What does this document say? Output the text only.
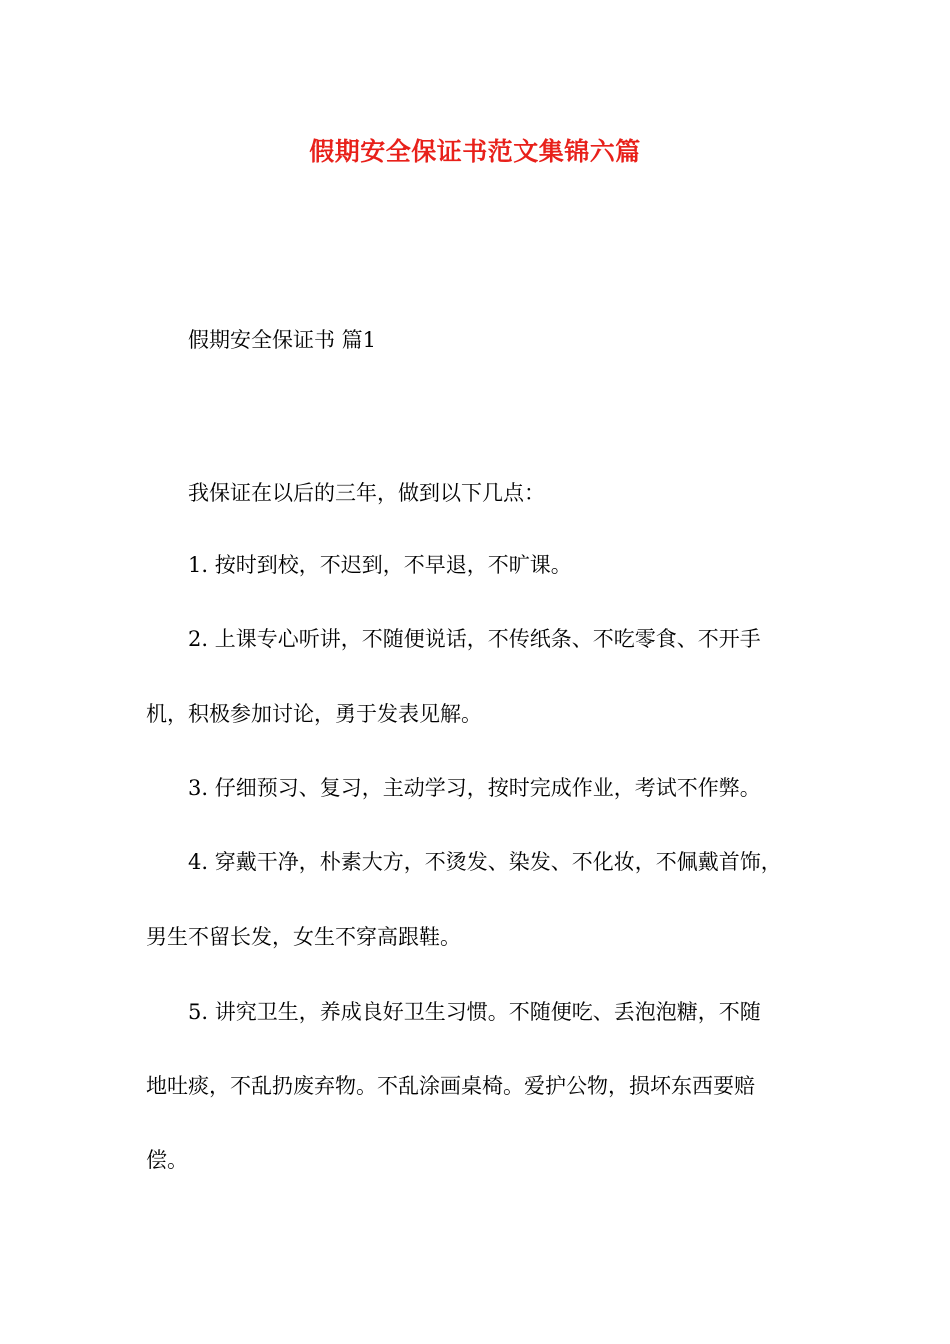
假期安全保证书范文集锦六篇
假期安全保证书 篇1
我保证在以后的三年，做到以下几点：
1. 按时到校，不迟到，不早退，不旷课。
2. 上课专心听讲，不随便说话，不传纸条、不吃零食、不开手
机，积极参加讨论，勇于发表见解。
3. 仔细预习、复习，主动学习，按时完成作业，考试不作弊。
4. 穿戴干净，朴素大方，不烫发、染发、不化妆，不佩戴首饰，
男生不留长发，女生不穿高跟鞋。
5. 讲究卫生，养成良好卫生习惯。不随便吃、丢泡泡糖，不随
地吐痰，不乱扔废弃物。不乱涂画桌椅。爱护公物，损坏东西要赔
偿。
